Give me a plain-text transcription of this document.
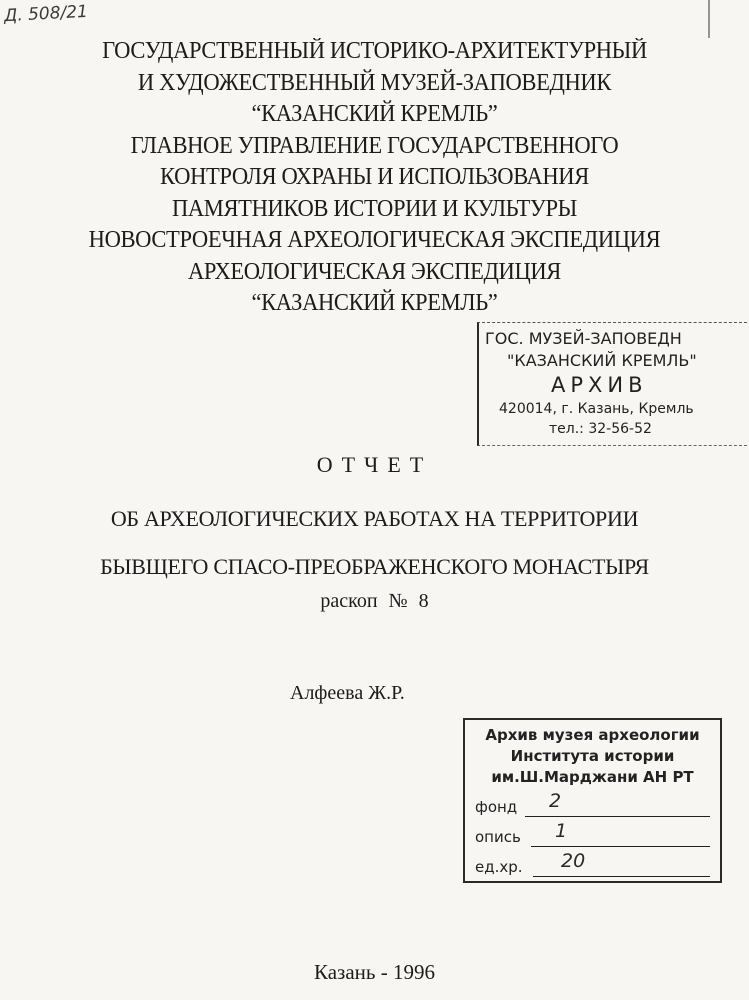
Д. 508/21
ГОСУДАРСТВЕННЫЙ ИСТОРИКО-АРХИТЕКТУРНЫЙ
И ХУДОЖЕСТВЕННЫЙ МУЗЕЙ-ЗАПОВЕДНИК
“КАЗАНСКИЙ КРЕМЛЬ”
ГЛАВНОЕ УПРАВЛЕНИЕ ГОСУДАРСТВЕННОГО
КОНТРОЛЯ ОХРАНЫ И ИСПОЛЬЗОВАНИЯ
ПАМЯТНИКОВ ИСТОРИИ И КУЛЬТУРЫ
НОВОСТРОЕЧНАЯ АРХЕОЛОГИЧЕСКАЯ ЭКСПЕДИЦИЯ
АРХЕОЛОГИЧЕСКАЯ ЭКСПЕДИЦИЯ
“КАЗАНСКИЙ КРЕМЛЬ”
ГОС. МУЗЕЙ-ЗАПОВЕДН
"КАЗАНСКИЙ КРЕМЛЬ"
АРХИВ
420014, г. Казань, Кремль
тел.: 32-56-52
ОТЧЕТ
ОБ АРХЕОЛОГИЧЕСКИХ РАБОТАХ НА ТЕРРИТОРИИ
БЫВЩЕГО СПАСО-ПРЕОБРАЖЕНСКОГО МОНАСТЫРЯ
раскоп № 8
Алфеева Ж.Р.
Архив музея археологии
Института истории
им.Ш.Марджани АН РТ
фонд 2
опись 1
ед.хр. 20
Казань - 1996
